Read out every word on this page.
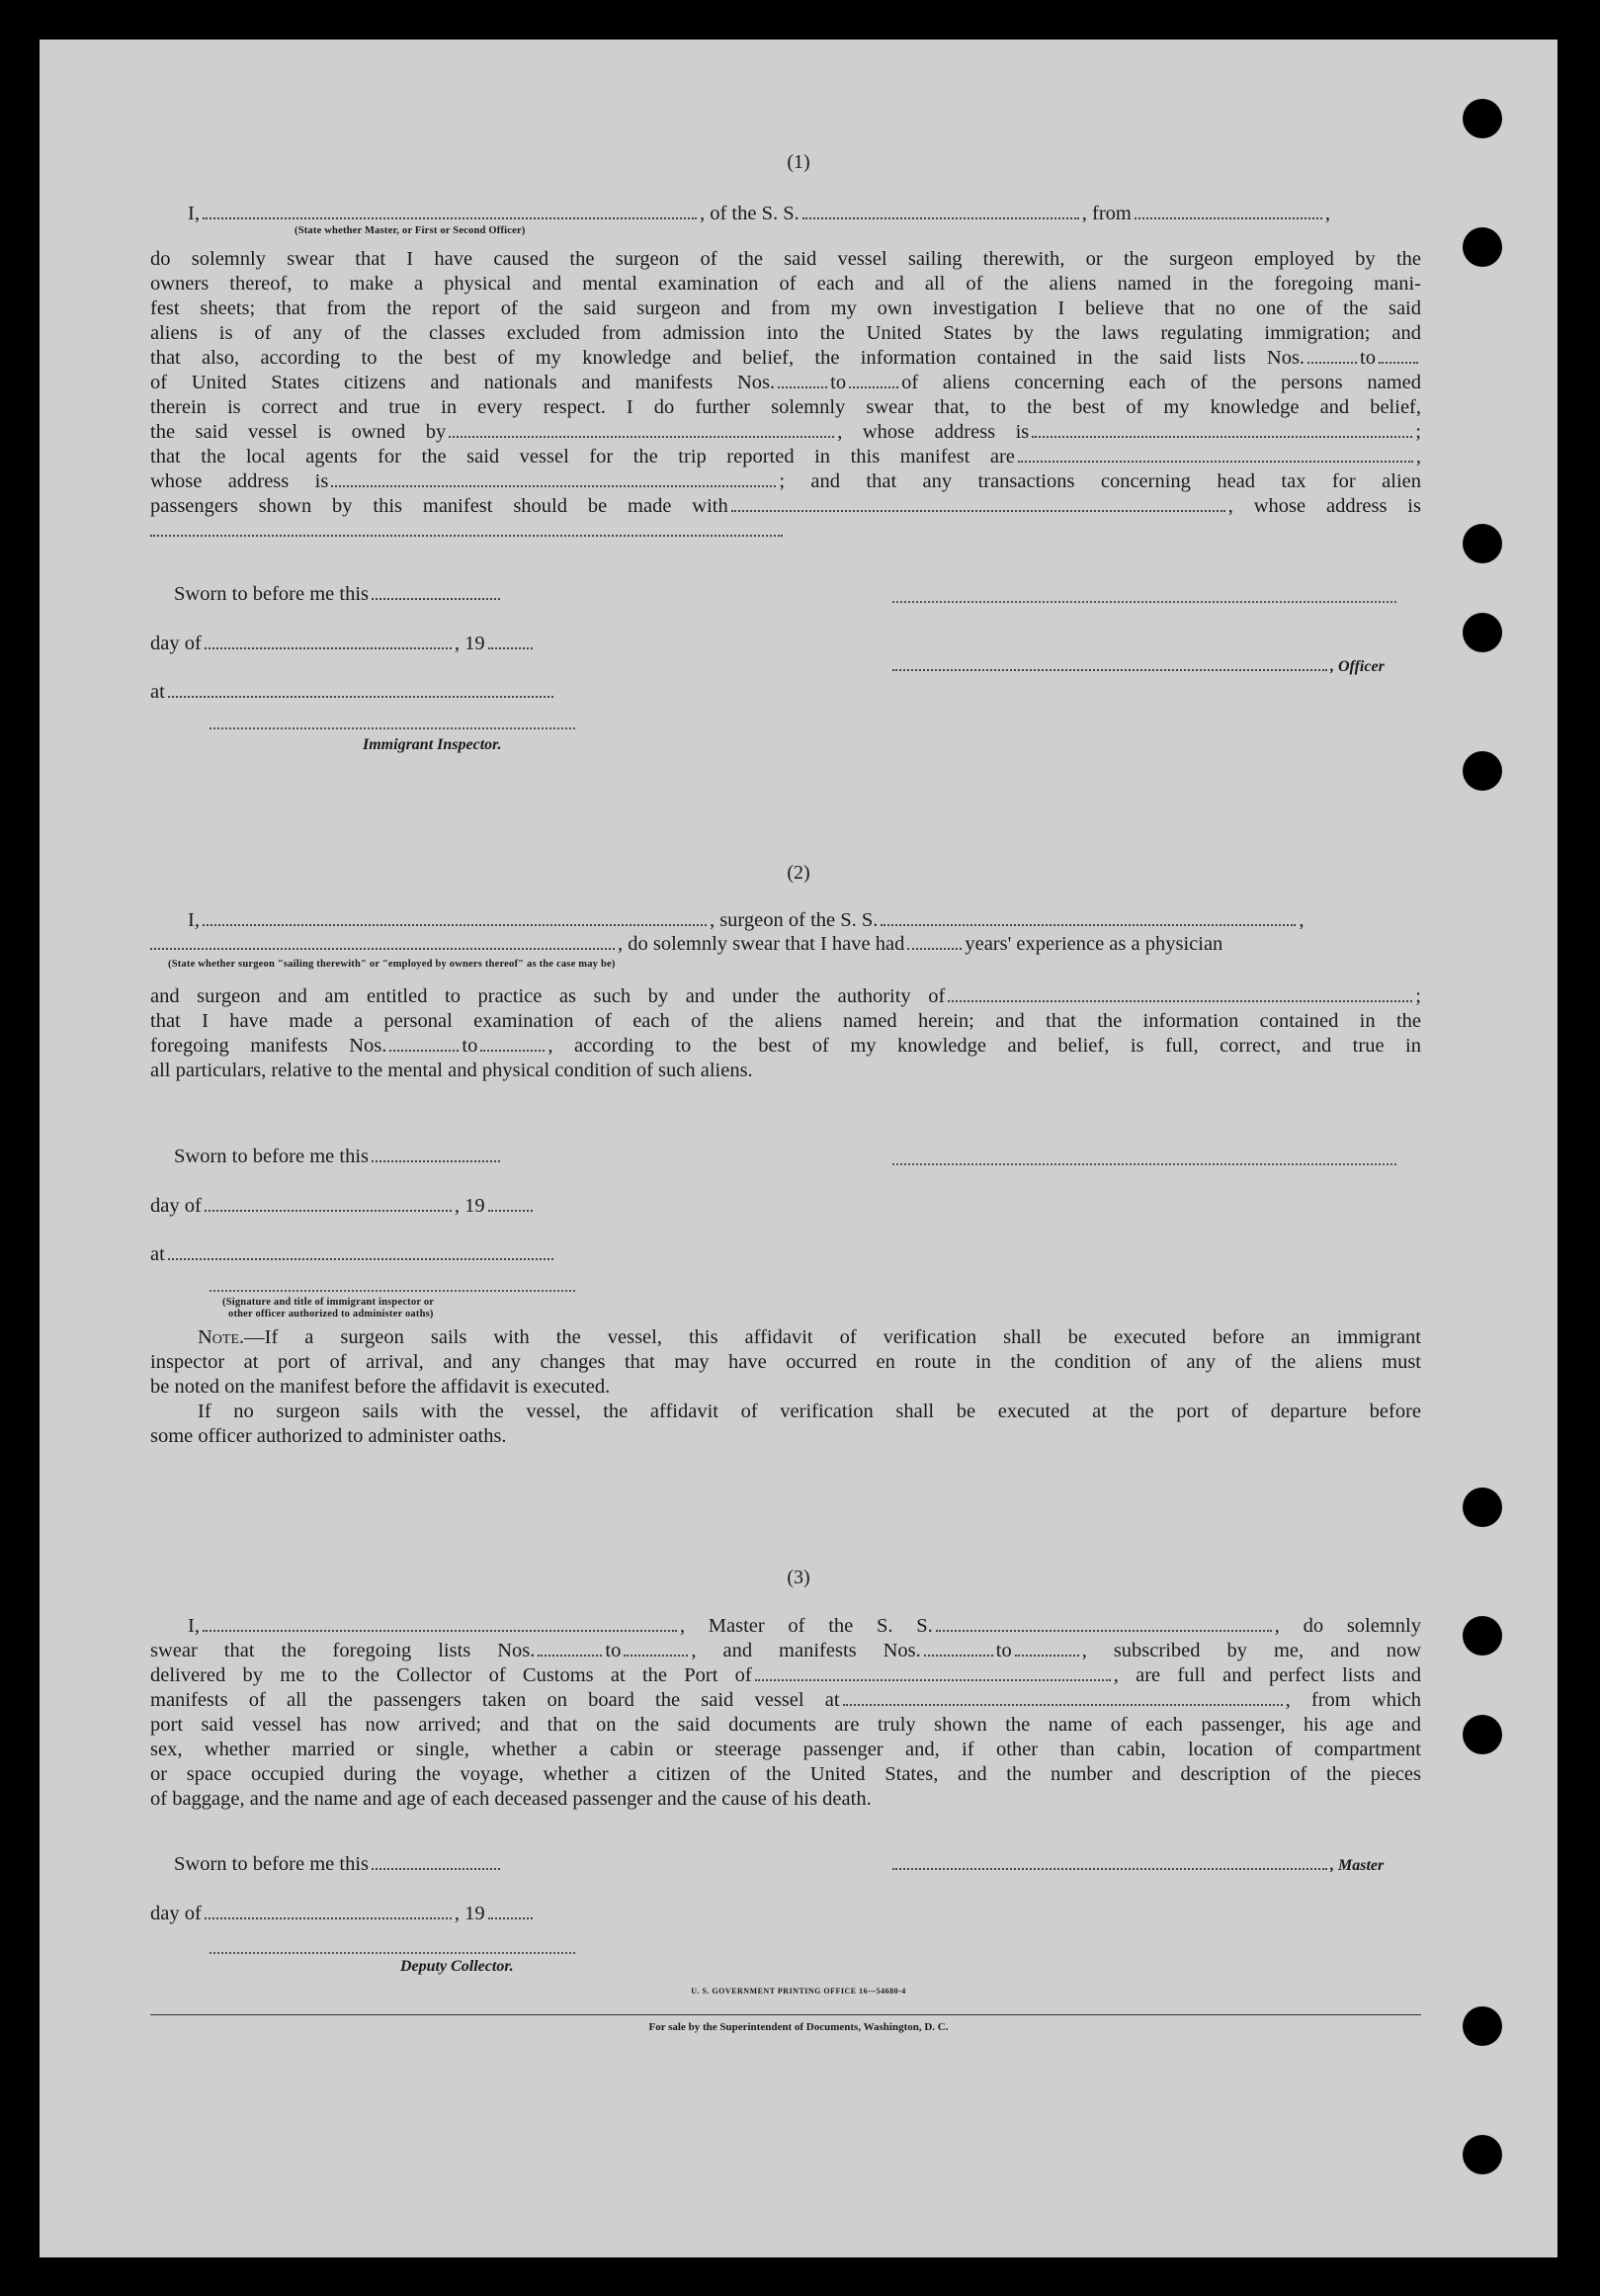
(1)
I,	, of the S. S.	, from	,
(State whether Master, or First or Second Officer)
do solemnly swear that I have caused the surgeon of the said vessel sailing therewith, or the surgeon employed by the
owners thereof, to make a physical and mental examination of each and all of the aliens named in the foregoing mani-
fest sheets; that from the report of the said surgeon and from my own investigation I believe that no one of the said
aliens is of any of the classes excluded from admission into the United States by the laws regulating immigration; and
that also, according to the best of my knowledge and belief, the information contained in the said lists Nos.	to
of United States citizens and nationals and manifests Nos.	to	of aliens concerning each of the persons named
therein is correct and true in every respect. I do further solemnly swear that, to the best of my knowledge and belief,
the said vessel is owned by	, whose address is	;
that the local agents for the said vessel for the trip reported in this manifest are	,
whose address is	; and that any transactions concerning head tax for alien
passengers shown by this manifest should be made with	, whose address is
Sworn to before me this
day of	, 19
, Officer
at
Immigrant Inspector.
(2)
I,	, surgeon of the S. S.	,
, do solemnly swear that I have had	years' experience as a physician
(State whether surgeon "sailing therewith" or "employed by owners thereof" as the case may be)
and surgeon and am entitled to practice as such by and under the authority of	;
that I have made a personal examination of each of the aliens named herein; and that the information contained in the
foregoing manifests Nos.	to	, according to the best of my knowledge and belief, is full, correct, and true in
all particulars, relative to the mental and physical condition of such aliens.
Sworn to before me this
day of	, 19
at
(Signature and title of immigrant inspector or
other officer authorized to administer oaths)
Note.—If a surgeon sails with the vessel, this affidavit of verification shall be executed before an immigrant
inspector at port of arrival, and any changes that may have occurred en route in the condition of any of the aliens must
be noted on the manifest before the affidavit is executed.
If no surgeon sails with the vessel, the affidavit of verification shall be executed at the port of departure before
some officer authorized to administer oaths.
(3)
I,	, Master of the S. S.	, do solemnly
swear that the foregoing lists Nos.	to	, and manifests Nos.	to	, subscribed by me, and now
delivered by me to the Collector of Customs at the Port of	, are full and perfect lists and
manifests of all the passengers taken on board the said vessel at	, from which
port said vessel has now arrived; and that on the said documents are truly shown the name of each passenger, his age and
sex, whether married or single, whether a cabin or steerage passenger and, if other than cabin, location of compartment
or space occupied during the voyage, whether a citizen of the United States, and the number and description of the pieces
of baggage, and the name and age of each deceased passenger and the cause of his death.
Sworn to before me this	, Master
day of	, 19
Deputy Collector.
U. S. GOVERNMENT PRINTING OFFICE 16—54680-4
For sale by the Superintendent of Documents, Washington, D. C.
